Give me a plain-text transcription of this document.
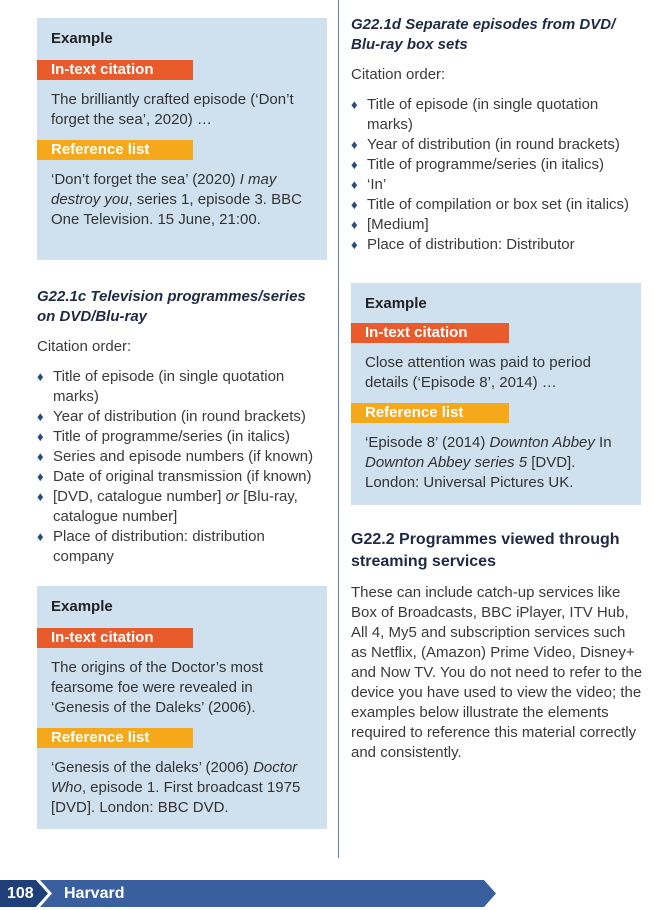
Example

In-text citation

The brilliantly crafted episode (‘Don’t forget the sea’, 2020) …

Reference list

‘Don’t forget the sea’ (2020) I may destroy you, series 1, episode 3. BBC One Television. 15 June, 21:00.

G22.1c Television programmes/series on DVD/Blu-ray

Citation order:

♦ Title of episode (in single quotation marks)
♦ Year of distribution (in round brackets)
♦ Title of programme/series (in italics)
♦ Series and episode numbers (if known)
♦ Date of original transmission (if known)
♦ [DVD, catalogue number] or [Blu-ray, catalogue number]
♦ Place of distribution: distribution company

Example

In-text citation

The origins of the Doctor’s most fearsome foe were revealed in ‘Genesis of the Daleks’ (2006).

Reference list

‘Genesis of the daleks’ (2006) Doctor Who, episode 1. First broadcast 1975 [DVD]. London: BBC DVD.

G22.1d Separate episodes from DVD/ Blu-ray box sets

Citation order:

♦ Title of episode (in single quotation marks)
♦ Year of distribution (in round brackets)
♦ Title of programme/series (in italics)
♦ ‘In’
♦ Title of compilation or box set (in italics)
♦ [Medium]
♦ Place of distribution: Distributor

Example

In-text citation

Close attention was paid to period details (‘Episode 8’, 2014) …

Reference list

‘Episode 8’ (2014) Downton Abbey In Downton Abbey series 5 [DVD]. London: Universal Pictures UK.

G22.2 Programmes viewed through streaming services

These can include catch-up services like Box of Broadcasts, BBC iPlayer, ITV Hub, All 4, My5 and subscription services such as Netflix, (Amazon) Prime Video, Disney+ and Now TV. You do not need to refer to the device you have used to view the video; the examples below illustrate the elements required to reference this material correctly and consistently.

108 Harvard
